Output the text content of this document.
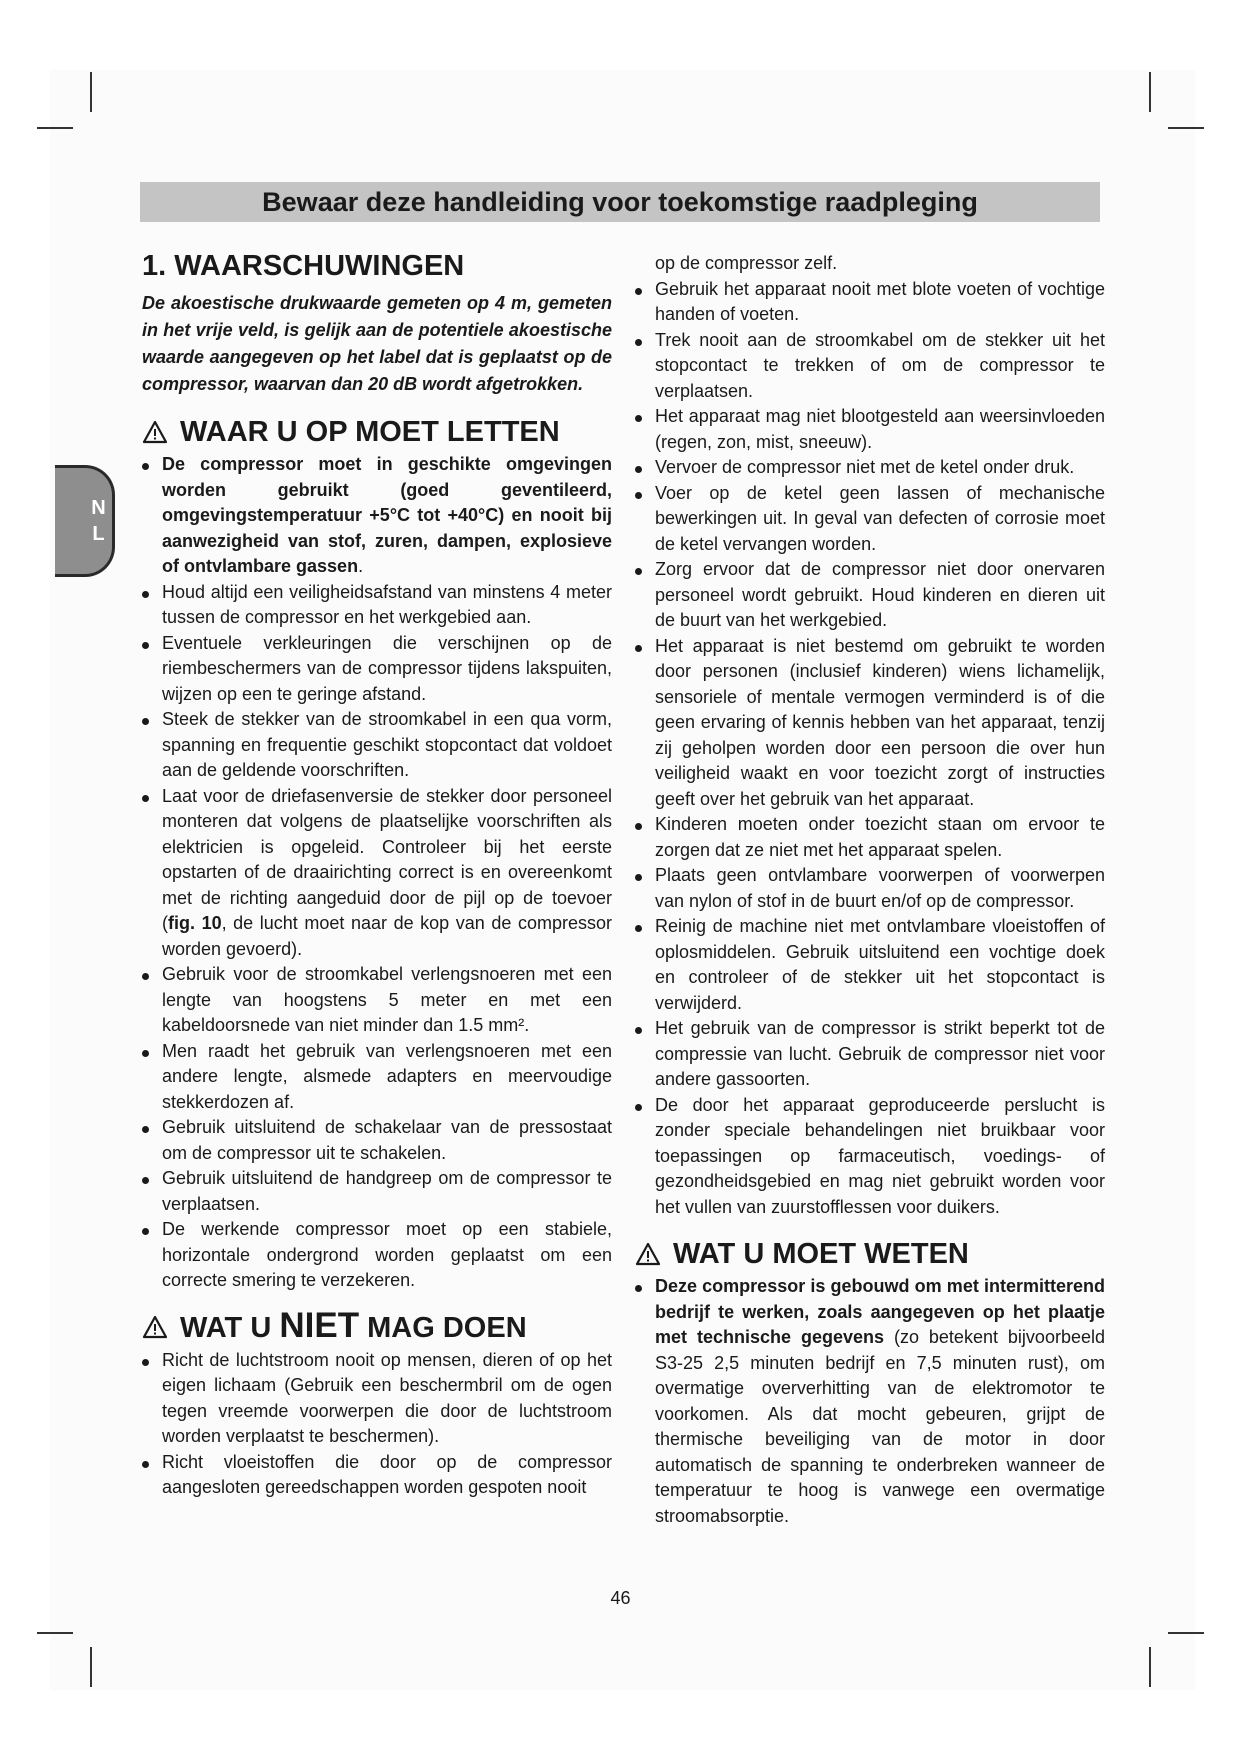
Bewaar deze handleiding voor toekomstige raadpleging
N
L
1. WAARSCHUWINGEN

De akoestische drukwaarde gemeten op 4 m, gemeten in het vrije veld, is gelijk aan de potentiele akoestische waarde aangegeven op het label dat is geplaatst op de compressor, waarvan dan 20 dB wordt afgetrokken.

WAAR U OP MOET LETTEN
De compressor moet in geschikte omgevingen worden gebruikt (goed geventileerd, omgevingstemperatuur +5°C tot +40°C) en nooit bij aanwezigheid van stof, zuren, dampen, explosieve of ontvlambare gassen.
Houd altijd een veiligheidsafstand van minstens 4 meter tussen de compressor en het werkgebied aan.
Eventuele verkleuringen die verschijnen op de riembeschermers van de compressor tijdens lakspuiten, wijzen op een te geringe afstand.
Steek de stekker van de stroomkabel in een qua vorm, spanning en frequentie geschikt stopcontact dat voldoet aan de geldende voorschriften.
Laat voor de driefasenversie de stekker door personeel monteren dat volgens de plaatselijke voorschriften als elektricien is opgeleid. Controleer bij het eerste opstarten of de draairichting correct is en overeenkomt met de richting aangeduid door de pijl op de toevoer (fig. 10, de lucht moet naar de kop van de compressor worden gevoerd).
Gebruik voor de stroomkabel verlengsnoeren met een lengte van hoogstens 5 meter en met een kabeldoorsnede van niet minder dan 1.5 mm².
Men raadt het gebruik van verlengsnoeren met een andere lengte, alsmede adapters en meervoudige stekkerdozen af.
Gebruik uitsluitend de schakelaar van de pressostaat om de compressor uit te schakelen.
Gebruik uitsluitend de handgreep om de compressor te verplaatsen.
De werkende compressor moet op een stabiele, horizontale ondergrond worden geplaatst om een correcte smering te verzekeren.
WAT U NIET MAG DOEN
Richt de luchtstroom nooit op mensen, dieren of op het eigen lichaam (Gebruik een beschermbril om de ogen tegen vreemde voorwerpen die door de luchtstroom worden verplaatst te beschermen).
Richt vloeistoffen die door op de compressor aangesloten gereedschappen worden gespoten nooit
op de compressor zelf.
Gebruik het apparaat nooit met blote voeten of vochtige handen of voeten.
Trek nooit aan de stroomkabel om de stekker uit het stopcontact te trekken of om de compressor te verplaatsen.
Het apparaat mag niet blootgesteld aan weersinvloeden (regen, zon, mist, sneeuw).
Vervoer de compressor niet met de ketel onder druk.
Voer op de ketel geen lassen of mechanische bewerkingen uit. In geval van defecten of corrosie moet de ketel vervangen worden.
Zorg ervoor dat de compressor niet door onervaren personeel wordt gebruikt. Houd kinderen en dieren uit de buurt van het werkgebied.
Het apparaat is niet bestemd om gebruikt te worden door personen (inclusief kinderen) wiens lichamelijk, sensoriele of mentale vermogen verminderd is of die geen ervaring of kennis hebben van het apparaat, tenzij zij geholpen worden door een persoon die over hun veiligheid waakt en voor toezicht zorgt of instructies geeft over het gebruik van het apparaat.
Kinderen moeten onder toezicht staan om ervoor te zorgen dat ze niet met het apparaat spelen.
Plaats geen ontvlambare voorwerpen of voorwerpen van nylon of stof in de buurt en/of op de compressor.
Reinig de machine niet met ontvlambare vloeistoffen of oplosmiddelen. Gebruik uitsluitend een vochtige doek en controleer of de stekker uit het stopcontact is verwijderd.
Het gebruik van de compressor is strikt beperkt tot de compressie van lucht. Gebruik de compressor niet voor andere gassoorten.
De door het apparaat geproduceerde perslucht is zonder speciale behandelingen niet bruikbaar voor toepassingen op farmaceutisch, voedings- of gezondheidsgebied en mag niet gebruikt worden voor het vullen van zuurstofflessen voor duikers.
WAT U MOET WETEN
Deze compressor is gebouwd om met intermitterend bedrijf te werken, zoals aangegeven op het plaatje met technische gegevens (zo betekent bijvoorbeeld S3-25 2,5 minuten bedrijf en 7,5 minuten rust), om overmatige oververhitting van de elektromotor te voorkomen. Als dat mocht gebeuren, grijpt de thermische beveiliging van de motor in door automatisch de spanning te onderbreken wanneer de temperatuur te hoog is vanwege een overmatige stroomabsorptie.
46
